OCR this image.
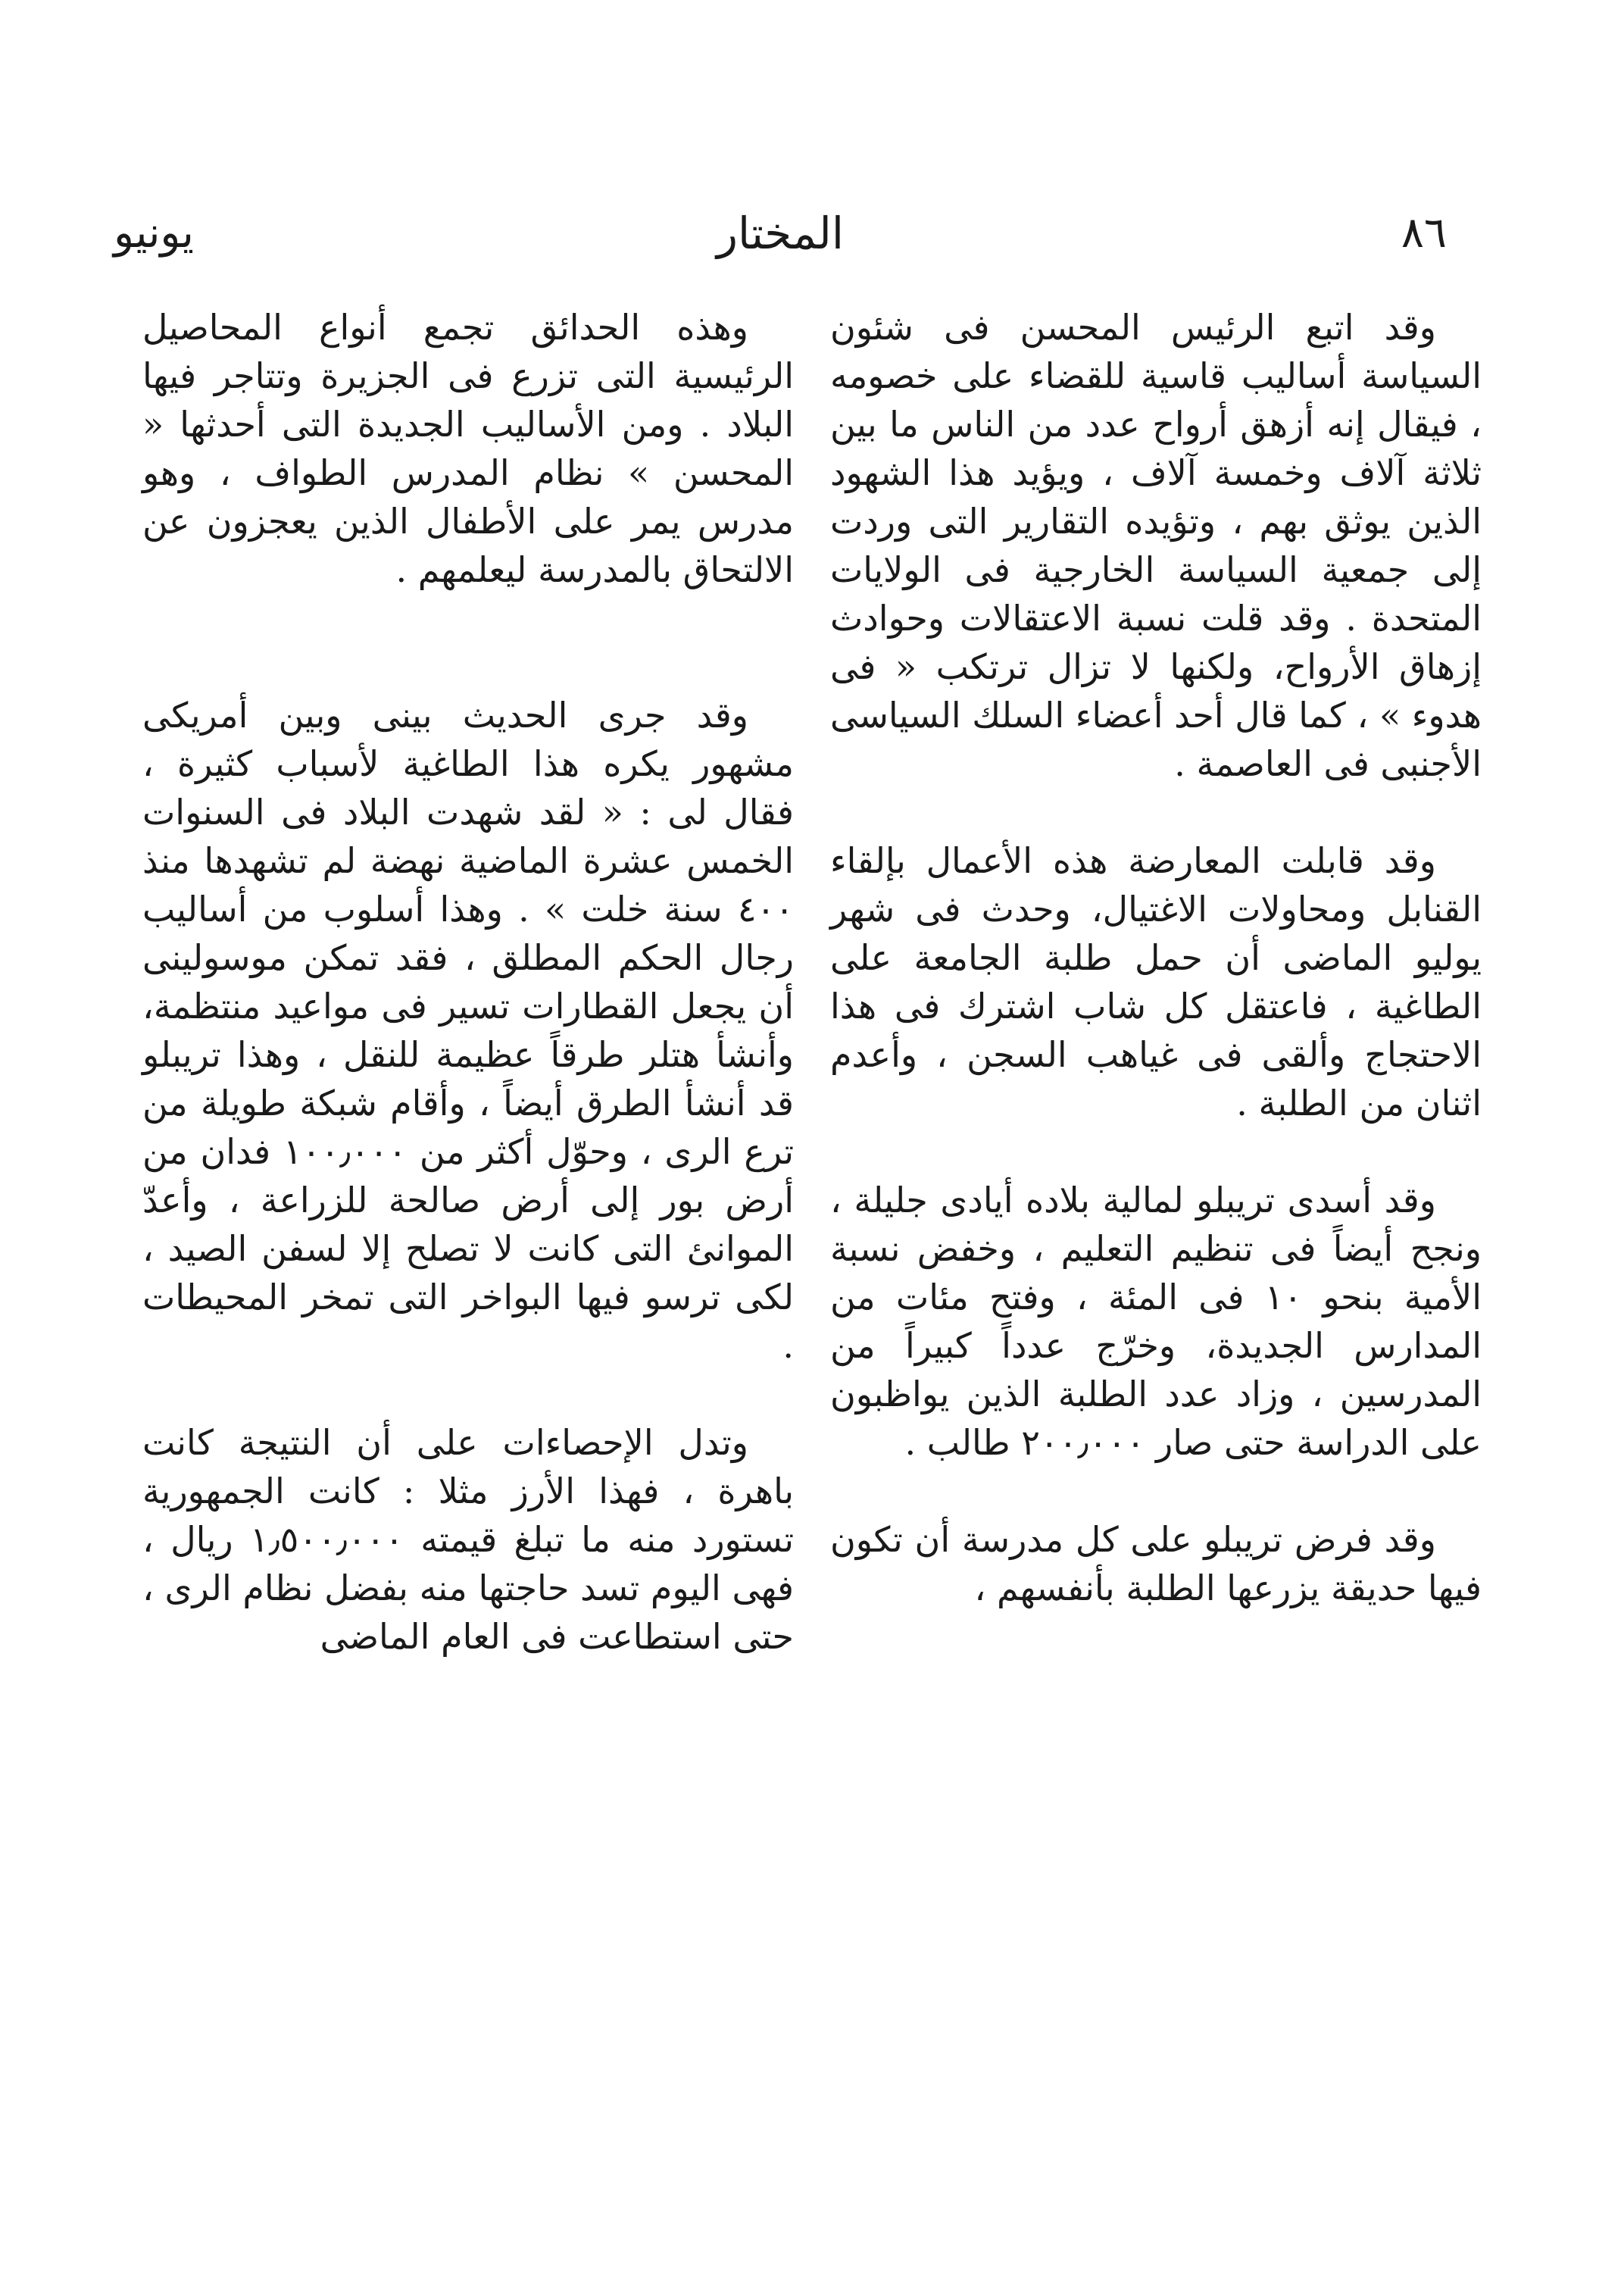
٨٦
المختار
يونيو

وقد اتبع الرئيس المحسن فى شئون السياسة أساليب قاسية للقضاء على خصومه ، فيقال إنه أزهق أرواح عدد من الناس ما بين ثلاثة آلاف وخمسة آلاف ، ويؤيد هذا الشهود الذين يوثق بهم ، وتؤيده التقارير التى وردت إلى جمعية السياسة الخارجية فى الولايات المتحدة . وقد قلت نسبة الاعتقالات وحوادث إزهاق الأرواح، ولكنها لا تزال ترتكب « فى هدوء » ، كما قال أحد أعضاء السلك السياسى الأجنبى فى العاصمة .

وقد قابلت المعارضة هذه الأعمال بإلقاء القنابل ومحاولات الاغتيال، وحدث فى شهر يوليو الماضى أن حمل طلبة الجامعة على الطاغية ، فاعتقل كل شاب اشترك فى هذا الاحتجاج وألقى فى غياهب السجن ، وأعدم اثنان من الطلبة .

وقد أسدى تريبلو لمالية بلاده أيادى جليلة ، ونجح أيضاً فى تنظيم التعليم ، وخفض نسبة الأمية بنحو ١٠ فى المئة ، وفتح مئات من المدارس الجديدة، وخرّج عدداً كبيراً من المدرسين ، وزاد عدد الطلبة الذين يواظبون على الدراسة حتى صار ٢٠٠٫٠٠٠ طالب .

وقد فرض تريبلو على كل مدرسة أن تكون فيها حديقة يزرعها الطلبة بأنفسهم ،

وهذه الحدائق تجمع أنواع المحاصيل الرئيسية التى تزرع فى الجزيرة وتتاجر فيها البلاد . ومن الأساليب الجديدة التى أحدثها « المحسن » نظام المدرس الطواف ، وهو مدرس يمر على الأطفال الذين يعجزون عن الالتحاق بالمدرسة ليعلمهم .

وقد جرى الحديث بينى وبين أمريكى مشهور يكره هذا الطاغية لأسباب كثيرة ، فقال لى : « لقد شهدت البلاد فى السنوات الخمس عشرة الماضية نهضة لم تشهدها منذ ٤٠٠ سنة خلت » . وهذا أسلوب من أساليب رجال الحكم المطلق ، فقد تمكن موسولينى أن يجعل القطارات تسير فى مواعيد منتظمة، وأنشأ هتلر طرقاً عظيمة للنقل ، وهذا تريبلو قد أنشأ الطرق أيضاً ، وأقام شبكة طويلة من ترع الرى ، وحوّل أكثر من ١٠٠٫٠٠٠ فدان من أرض بور إلى أرض صالحة للزراعة ، وأعدّ الموانئ التى كانت لا تصلح إلا لسفن الصيد ، لكى ترسو فيها البواخر التى تمخر المحيطات .

وتدل الإحصاءات على أن النتيجة كانت باهرة ، فهذا الأرز مثلا : كانت الجمهورية تستورد منه ما تبلغ قيمته ١٫٥٠٠٫٠٠٠ ريال ، فهى اليوم تسد حاجتها منه بفضل نظام الرى ، حتى استطاعت فى العام الماضى
